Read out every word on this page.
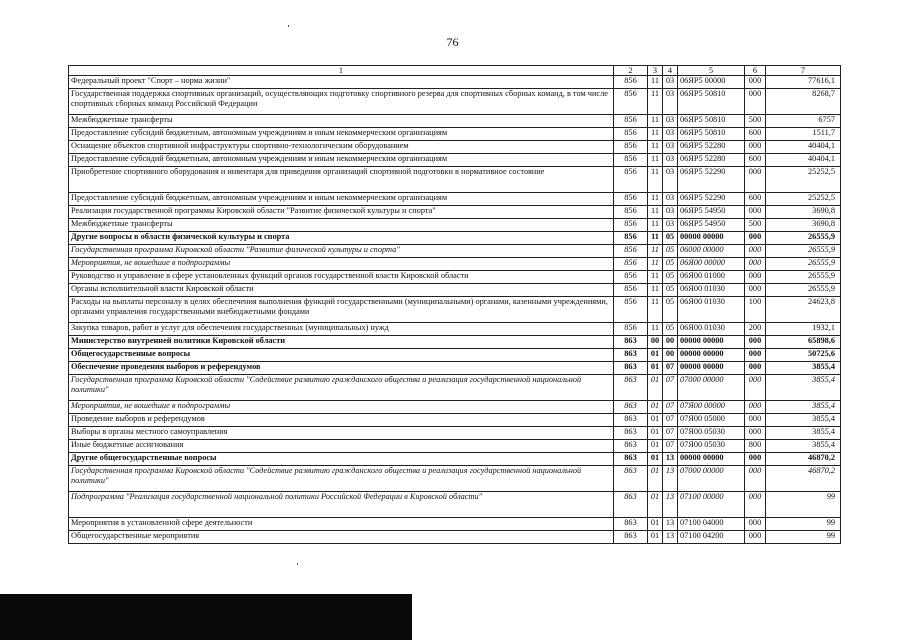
76
1	2	3	4	5	6	7
Федеральный проект "Спорт – норма жизни"	856	11	03	06ЯР5 00000	000	77616,1
Государственная поддержка спортивных организаций, осуществляющих подготовку спортивного резерва для спортивных сборных команд, в том числе спортивных сборных команд Российской Федерации	856	11	03	06ЯР5 50810	000	8268,7
Межбюджетные трансферты	856	11	03	06ЯР5 50810	500	6757
Предоставление субсидий бюджетным, автономным учреждениям и иным некоммерческим организациям	856	11	03	06ЯР5 50810	600	1511,7
Оснащение объектов спортивной инфраструктуры спортивно-технологическим оборудованием	856	11	03	06ЯР5 52280	000	40404,1
Предоставление субсидий бюджетным, автономным учреждениям и иным некоммерческим организациям	856	11	03	06ЯР5 52280	600	40404,1
Приобретение спортивного оборудования и инвентаря для приведения организаций спортивной подготовки в нормативное состояние	856	11	03	06ЯР5 52290	000	25252,5
Предоставление субсидий бюджетным, автономным учреждениям и иным некоммерческим организациям	856	11	03	06ЯР5 52290	600	25252,5
Реализация государственной программы Кировской области "Развитие физической культуры и спорта"	856	11	03	06ЯР5 54950	000	3690,8
Межбюджетные трансферты	856	11	03	06ЯР5 54950	500	3690,8
Другие вопросы в области физической культуры и спорта	856	11	05	00000 00000	000	26555,9
Государственная программа Кировской области "Развитие физической культуры и спорта"	856	11	05	06000 00000	000	26555,9
Мероприятия, не вошедшие в подпрограммы	856	11	05	06Я00 00000	000	26555,9
Руководство и управление в сфере установленных функций органов государственной власти Кировской области	856	11	05	06Я00 01000	000	26555,9
Органы исполнительной власти Кировской области	856	11	05	06Я00 01030	000	26555,9
Расходы на выплаты персоналу в целях обеспечения выполнения функций государственными (муниципальными) органами, казенными учреждениями, органами управления государственными внебюджетными фондами	856	11	05	06Я00 01030	100	24623,8
Закупка товаров, работ и услуг для обеспечения государственных (муниципальных) нужд	856	11	05	06Я00 01030	200	1932,1
Министерство внутренней политики Кировской области	863	00	00	00000 00000	000	65898,6
Общегосударственные вопросы	863	01	00	00000 00000	000	50725,6
Обеспечение проведения выборов и референдумов	863	01	07	00000 00000	000	3855,4
Государственная программа Кировской области "Содействие развитию гражданского общества и реализация государственной национальной политики"	863	01	07	07000 00000	000	3855,4
Мероприятия, не вошедшие в подпрограммы	863	01	07	07Я00 00000	000	3855,4
Проведение выборов и референдумов	863	01	07	07Я00 05000	000	3855,4
Выборы в органы местного самоуправления	863	01	07	07Я00 05030	000	3855,4
Иные бюджетные ассигнования	863	01	07	07Я00 05030	800	3855,4
Другие общегосударственные вопросы	863	01	13	00000 00000	000	46870,2
Государственная программа Кировской области "Содействие развитию гражданского общества и реализация государственной национальной политики"	863	01	13	07000 00000	000	46870,2
Подпрограмма "Реализация государственной национальной политики Российской Федерации в Кировской области"	863	01	13	07100 00000	000	99
Мероприятия в установленной сфере деятельности	863	01	13	07100 04000	000	99
Общегосударственные мероприятия	863	01	13	07100 04200	000	99
